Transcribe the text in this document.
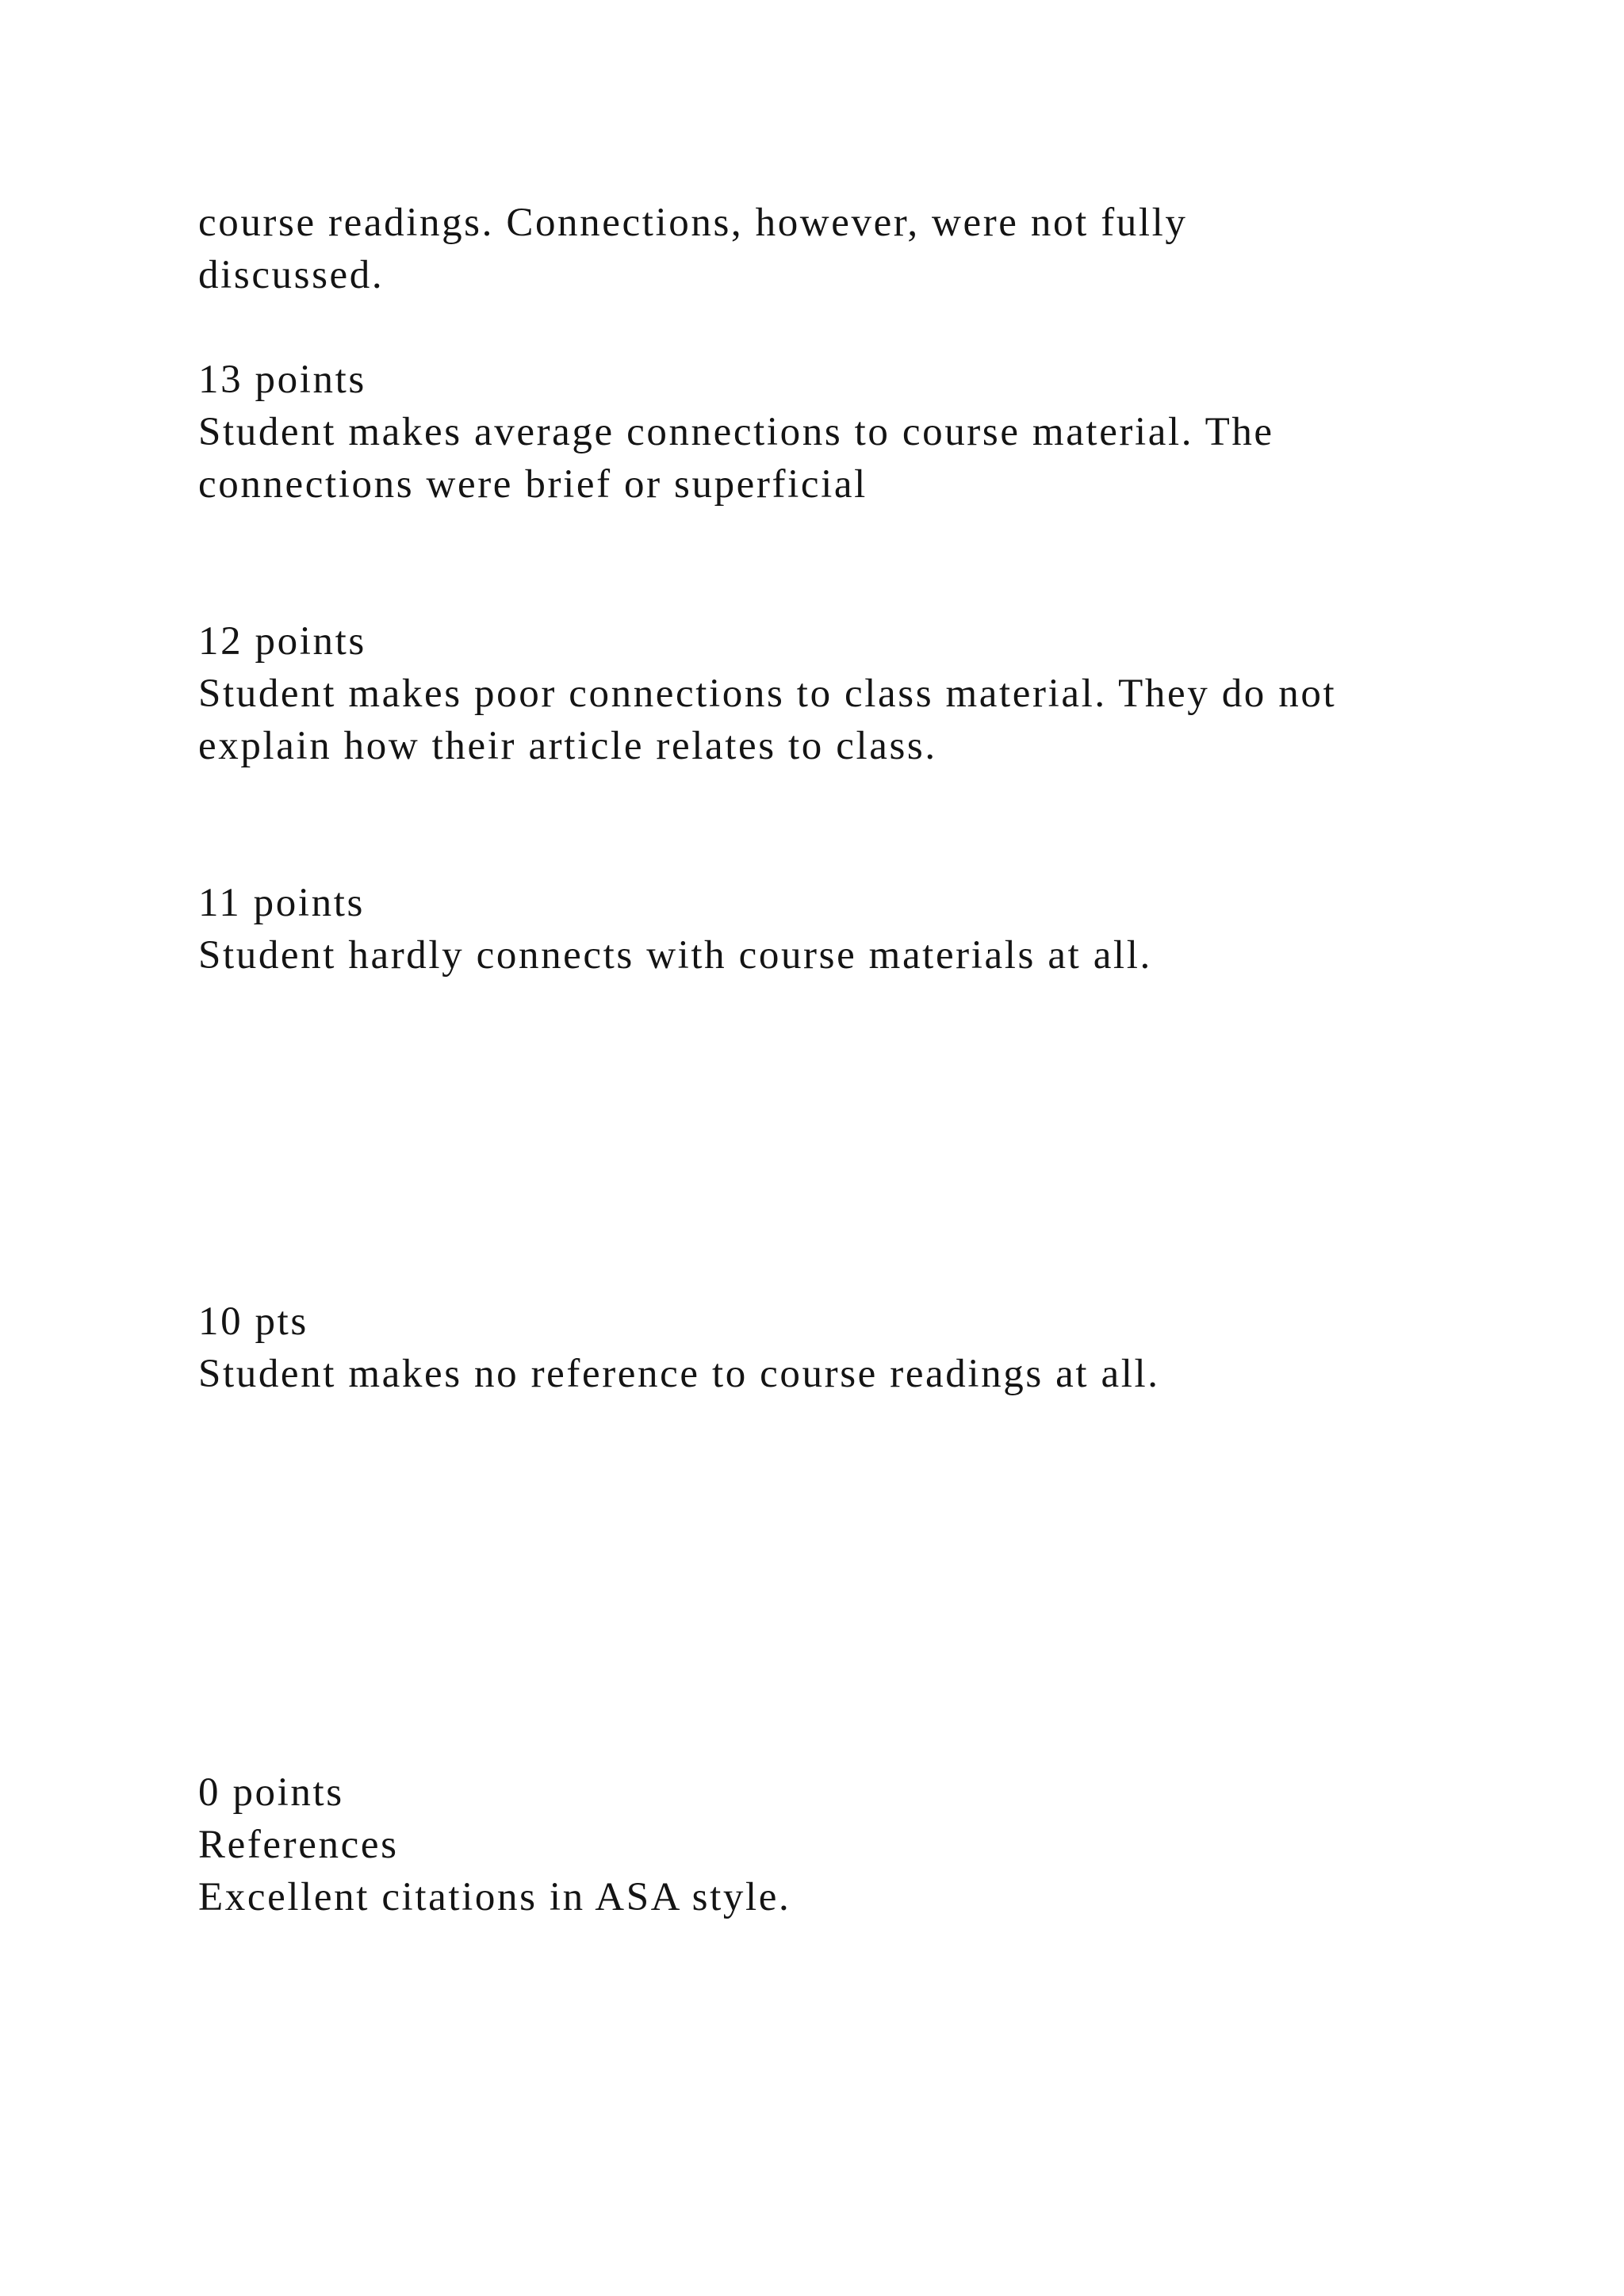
course readings. Connections, however, were not fully

discussed.

13 points

Student makes average connections to course material. The

connections were brief or superficial

12 points

Student makes poor connections to class material. They do not

explain how their article relates to class.

11 points

Student hardly connects with course materials at all.

10 pts

Student makes no reference to course readings at all.

0 points

References

Excellent citations in ASA style.
